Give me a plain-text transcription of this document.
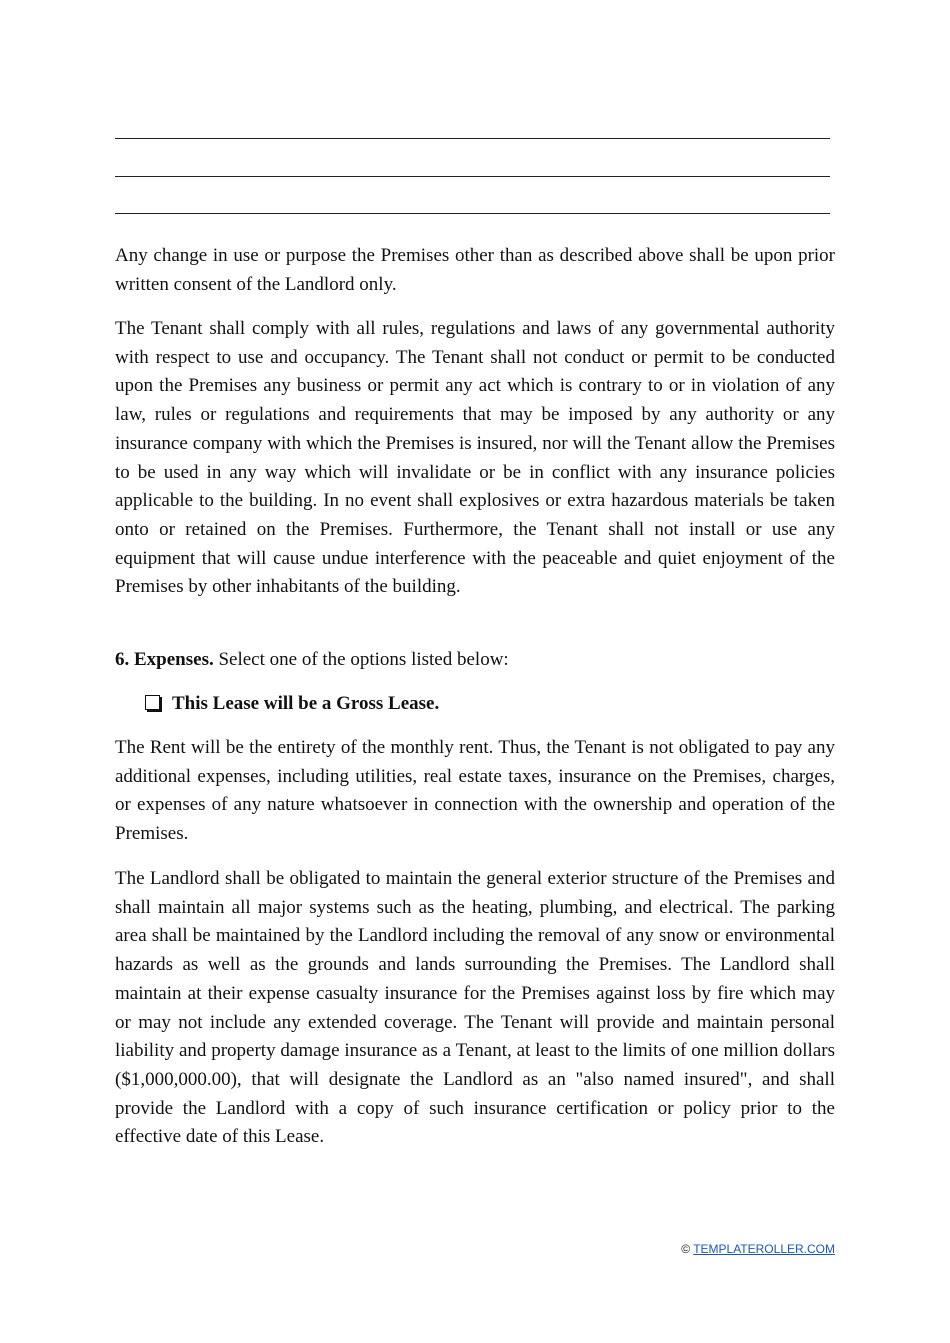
Any change in use or purpose the Premises other than as described above shall be upon prior written consent of the Landlord only.

The Tenant shall comply with all rules, regulations and laws of any governmental authority with respect to use and occupancy. The Tenant shall not conduct or permit to be conducted upon the Premises any business or permit any act which is contrary to or in violation of any law, rules or regulations and requirements that may be imposed by any authority or any insurance company with which the Premises is insured, nor will the Tenant allow the Premises to be used in any way which will invalidate or be in conflict with any insurance policies applicable to the building. In no event shall explosives or extra hazardous materials be taken onto or retained on the Premises. Furthermore, the Tenant shall not install or use any equipment that will cause undue interference with the peaceable and quiet enjoyment of the Premises by other inhabitants of the building.

6. Expenses. Select one of the options listed below:

This Lease will be a Gross Lease.

The Rent will be the entirety of the monthly rent. Thus, the Tenant is not obligated to pay any additional expenses, including utilities, real estate taxes, insurance on the Premises, charges, or expenses of any nature whatsoever in connection with the ownership and operation of the Premises.

The Landlord shall be obligated to maintain the general exterior structure of the Premises and shall maintain all major systems such as the heating, plumbing, and electrical. The parking area shall be maintained by the Landlord including the removal of any snow or environmental hazards as well as the grounds and lands surrounding the Premises. The Landlord shall maintain at their expense casualty insurance for the Premises against loss by fire which may or may not include any extended coverage. The Tenant will provide and maintain personal liability and property damage insurance as a Tenant, at least to the limits of one million dollars ($1,000,000.00), that will designate the Landlord as an "also named insured", and shall provide the Landlord with a copy of such insurance certification or policy prior to the effective date of this Lease.

© TEMPLATEROLLER.COM
